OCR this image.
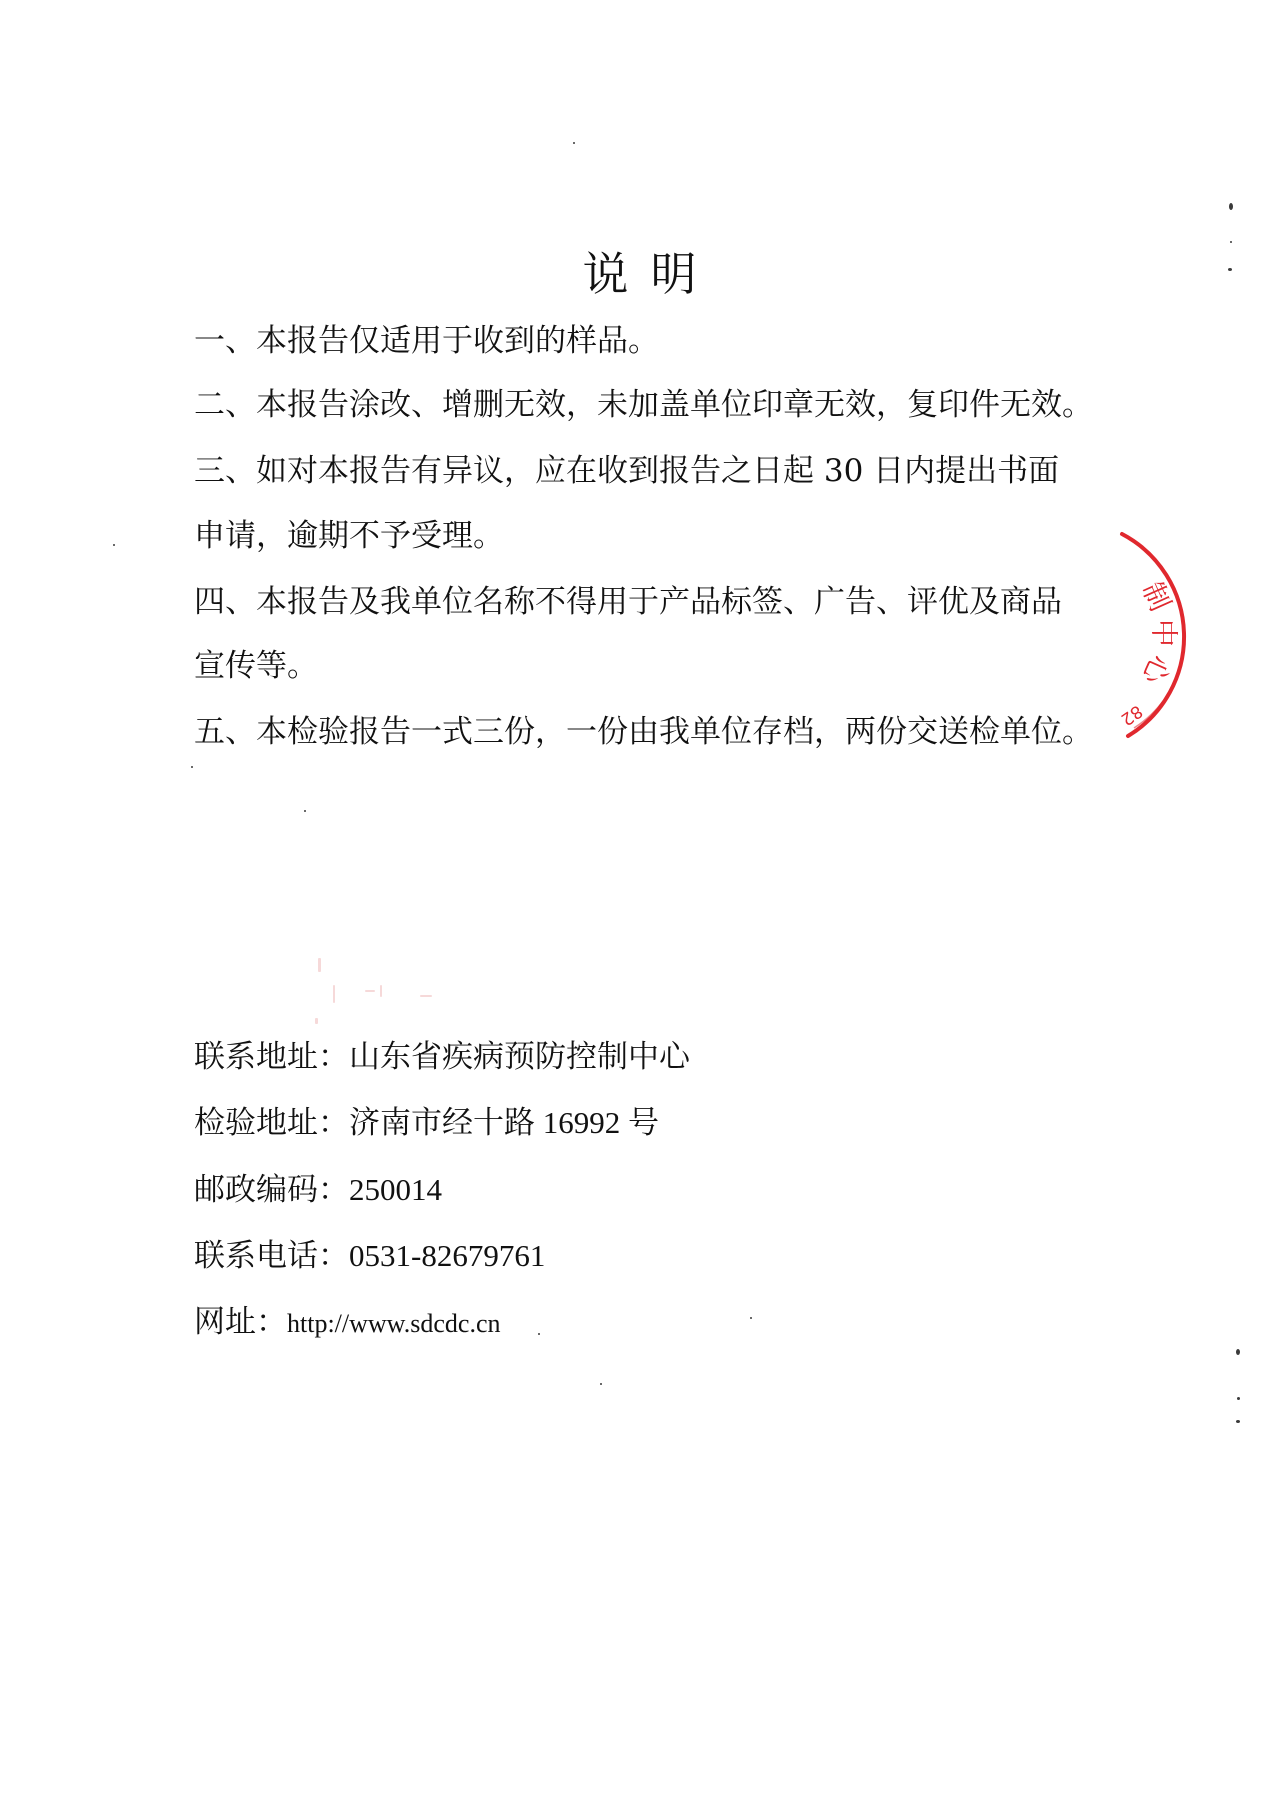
说明
一、本报告仅适用于收到的样品。
二、本报告涂改、增删无效，未加盖单位印章无效，复印件无效。
三、如对本报告有异议，应在收到报告之日起 30 日内提出书面
申请，逾期不予受理。
四、本报告及我单位名称不得用于产品标签、广告、评优及商品
宣传等。
五、本检验报告一式三份，一份由我单位存档，两份交送检单位。
联系地址：山东省疾病预防控制中心
检验地址：济南市经十路 16992 号
邮政编码：250014
联系电话：0531-82679761
网址：http://www.sdcdc.cn
制
中
心
82
